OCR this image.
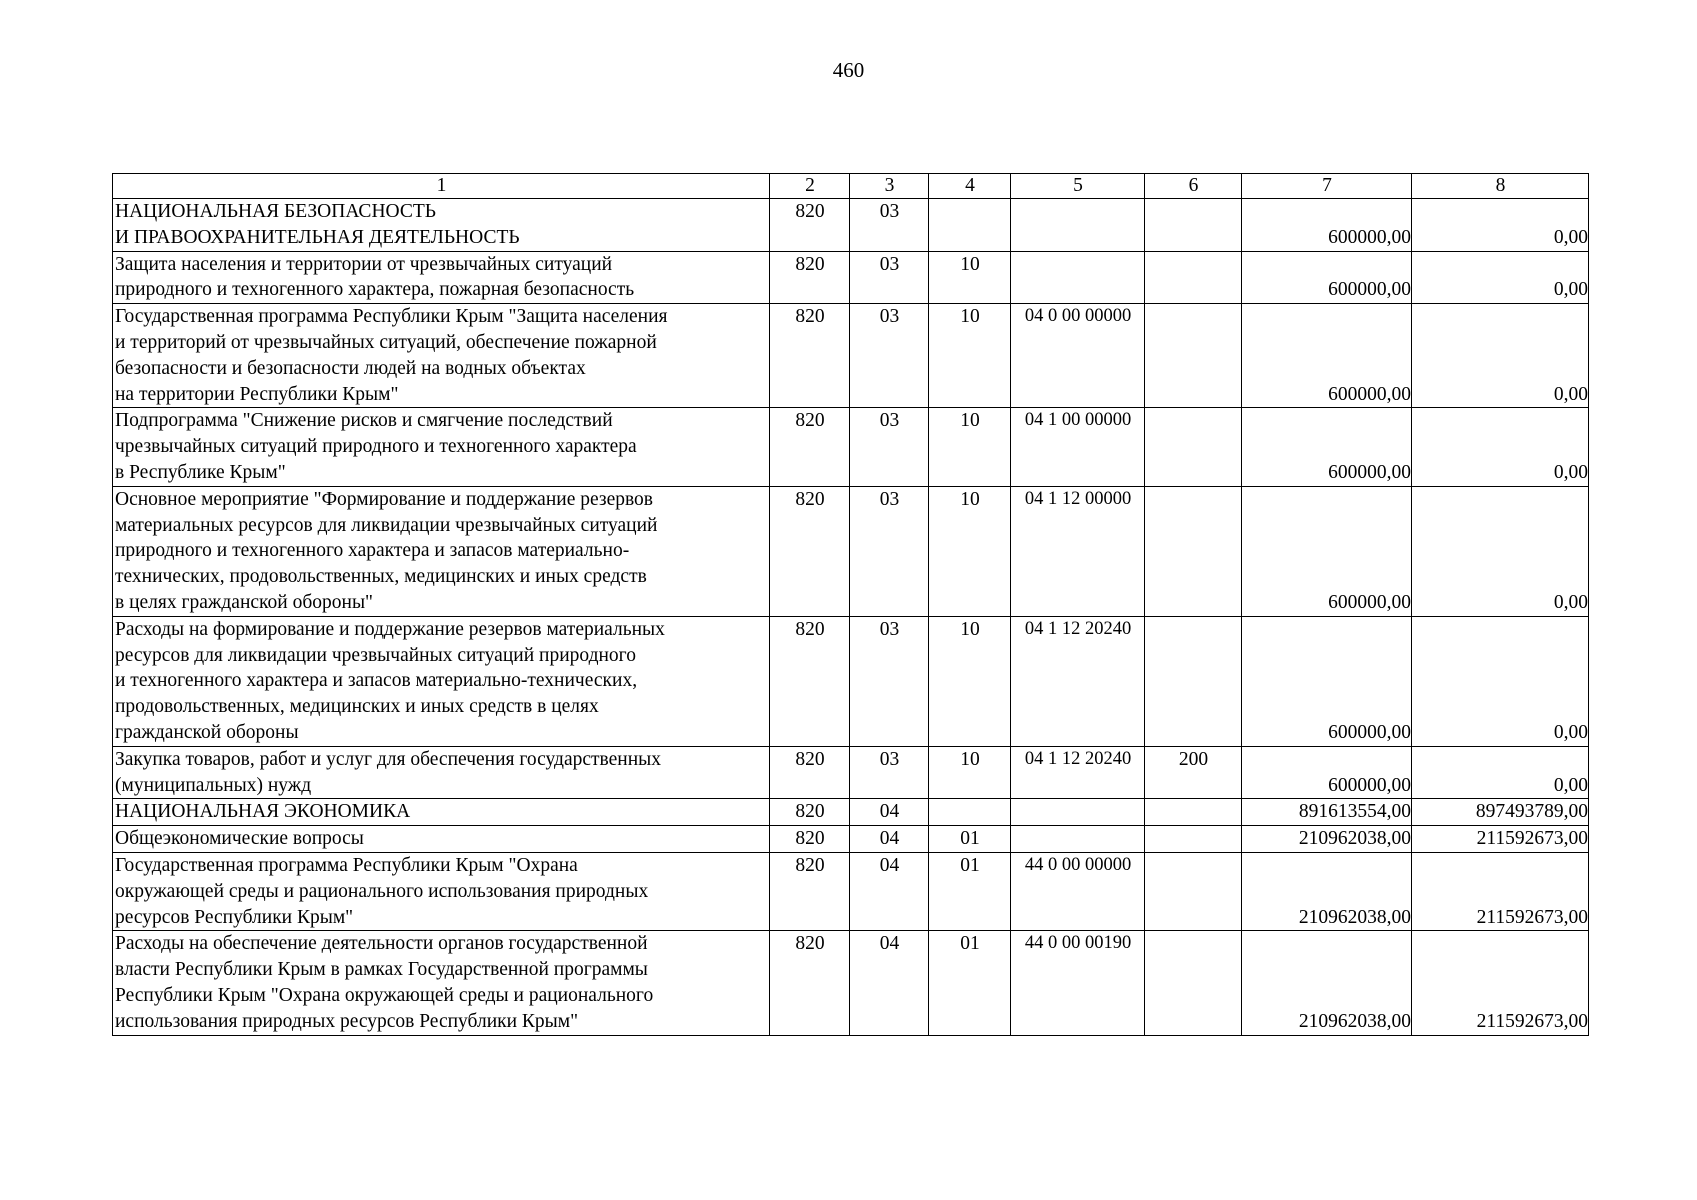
460
1	2	3	4	5	6	7	8
НАЦИОНАЛЬНАЯ БЕЗОПАСНОСТЬ
И ПРАВООХРАНИТЕЛЬНАЯ ДЕЯТЕЛЬНОСТЬ	820	03				600000,00	0,00
Защита населения и территории от чрезвычайных ситуаций
природного и техногенного характера, пожарная безопасность	820	03	10			600000,00	0,00
Государственная программа Республики Крым "Защита населения
и территорий от чрезвычайных ситуаций, обеспечение пожарной
безопасности и безопасности людей на водных объектах
на территории Республики Крым"	820	03	10	04 0 00 00000		600000,00	0,00
Подпрограмма "Снижение рисков и смягчение последствий
чрезвычайных ситуаций природного и техногенного характера
в Республике Крым"	820	03	10	04 1 00 00000		600000,00	0,00
Основное мероприятие "Формирование и поддержание резервов
материальных ресурсов для ликвидации чрезвычайных ситуаций
природного и техногенного характера и запасов материально-
технических, продовольственных, медицинских и иных средств
в целях гражданской обороны"	820	03	10	04 1 12 00000		600000,00	0,00
Расходы на формирование и поддержание резервов материальных
ресурсов для ликвидации чрезвычайных ситуаций природного
и техногенного характера и запасов материально-технических,
продовольственных, медицинских и иных средств в целях
гражданской обороны	820	03	10	04 1 12 20240		600000,00	0,00
Закупка товаров, работ и услуг для обеспечения государственных
(муниципальных) нужд	820	03	10	04 1 12 20240	200	600000,00	0,00
НАЦИОНАЛЬНАЯ ЭКОНОМИКА	820	04				891613554,00	897493789,00
Общеэкономические вопросы	820	04	01			210962038,00	211592673,00
Государственная программа Республики Крым "Охрана
окружающей среды и рационального использования природных
ресурсов Республики Крым"	820	04	01	44 0 00 00000		210962038,00	211592673,00
Расходы на обеспечение деятельности органов государственной
власти Республики Крым в рамках Государственной программы
Республики Крым "Охрана окружающей среды и рационального
использования природных ресурсов Республики Крым"	820	04	01	44 0 00 00190		210962038,00	211592673,00
